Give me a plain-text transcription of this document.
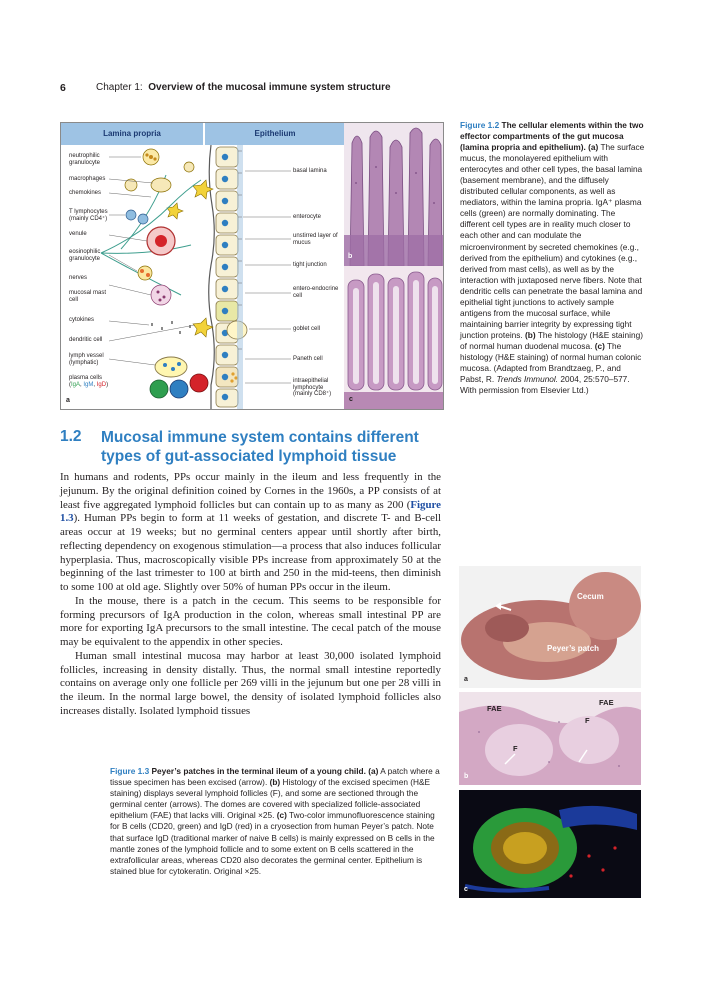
6	Chapter 1: Overview of the mucosal immune system structure
Lamina propria	Epithelium
neutrophilic granulocyte
macrophages
chemokines
T lymphocytes (mainly CD4⁺)
venule
eosinophilic granulocyte
nerves
mucosal mast cell
cytokines
dendritic cell
lymph vessel (lymphatic)
plasma cells
(IgA, IgM, IgD)
a
basal lamina
enterocyte
unstirred layer of mucus
tight junction
entero-endocrine cell
goblet cell
Paneth cell
intraepithelial lymphocyte (mainly CD8⁺)
b
c
Figure 1.2 The cellular elements within the two effector compartments of the gut mucosa (lamina propria and epithelium). (a) The surface mucus, the monolayered epithelium with enterocytes and other cell types, the basal lamina (basement membrane), and the diffusely distributed cellular components, as well as mediators, within the lamina propria. IgA⁺ plasma cells (green) are normally dominating. The different cell types are in reality much closer to each other and can modulate the microenvironment by secreted chemokines (e.g., derived from the epithelium) and cytokines (e.g., derived from mast cells), as well as by the interaction with juxtaposed nerve fibers. Note that dendritic cells can penetrate the basal lamina and epithelial tight junctions to actively sample antigens from the mucosal surface, while maintaining barrier integrity by expressing tight junction proteins. (b) The histology (H&E staining) of normal human duodenal mucosa. (c) The histology (H&E staining) of normal human colonic mucosa. (Adapted from Brandtzaeg, P., and Pabst, R. Trends Immunol. 2004, 25:570–577. With permission from Elsevier Ltd.)
1.2 Mucosal immune system contains different types of gut-associated lymphoid tissue

In humans and rodents, PPs occur mainly in the ileum and less frequently in the jejunum. By the original definition coined by Cornes in the 1960s, a PP consists of at least five aggregated lymphoid follicles but can contain up to as many as 200 (Figure 1.3). Human PPs begin to form at 11 weeks of gestation, and discrete T- and B-cell areas occur at 19 weeks; but no germinal centers appear until shortly after birth, reflecting dependency on exogenous stimulation—a process that also induces follicular hyperplasia. Thus, macroscopically visible PPs increase from approximately 50 at the beginning of the last trimester to 100 at birth and 250 in the mid-teens, then diminish to some 100 at old age. Slightly over 50% of human PPs occur in the ileum.

In the mouse, there is a patch in the cecum. This seems to be responsible for forming precursors of IgA production in the colon, whereas small intestinal PP are more for exporting IgA precursors to the small intestine. The cecal patch of the mouse may be equivalent to the appendix in other species.

Human small intestinal mucosa may harbor at least 30,000 isolated lymphoid follicles, increasing in density distally. Thus, the normal small intestine reportedly contains on average only one follicle per 269 villi in the jejunum but one per 28 villi in the ileum. In the normal large bowel, the density of isolated lymphoid follicles also increases distally. Isolated lymphoid tissues

Cecum
Peyer’s patch
a
FAE
FAE
F
F
b
c
Figure 1.3 Peyer’s patches in the terminal ileum of a young child. (a) A patch where a tissue specimen has been excised (arrow). (b) Histology of the excised specimen (H&E staining) displays several lymphoid follicles (F), and some are sectioned through the germinal center (arrows). The domes are covered with specialized follicle-associated epithelium (FAE) that lacks villi. Original ×25. (c) Two-color immunofluorescence staining for B cells (CD20, green) and IgD (red) in a cryosection from human Peyer’s patch. Note that surface IgD (traditional marker of naive B cells) is mainly expressed on B cells in the mantle zones of the lymphoid follicle and to some extent on B cells scattered in the extrafollicular areas, whereas CD20 also decorates the germinal center. Epithelium is stained blue for cytokeratin. Original ×25.
